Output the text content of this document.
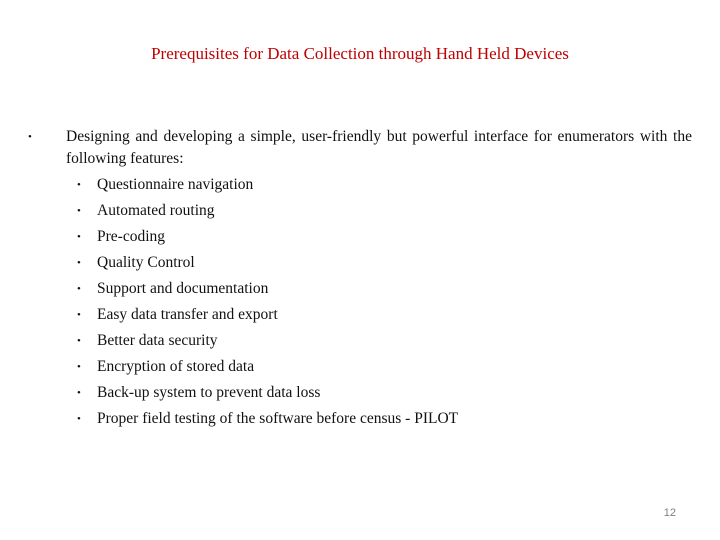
Prerequisites for Data Collection through Hand Held Devices
• Designing and developing a simple, user-friendly but powerful interface for enumerators with the following features:
• Questionnaire navigation
• Automated routing
• Pre-coding
• Quality Control
• Support and documentation
• Easy data transfer and export
• Better data security
• Encryption of stored data
• Back-up system to prevent data loss
• Proper field testing of the software before census - PILOT
12
